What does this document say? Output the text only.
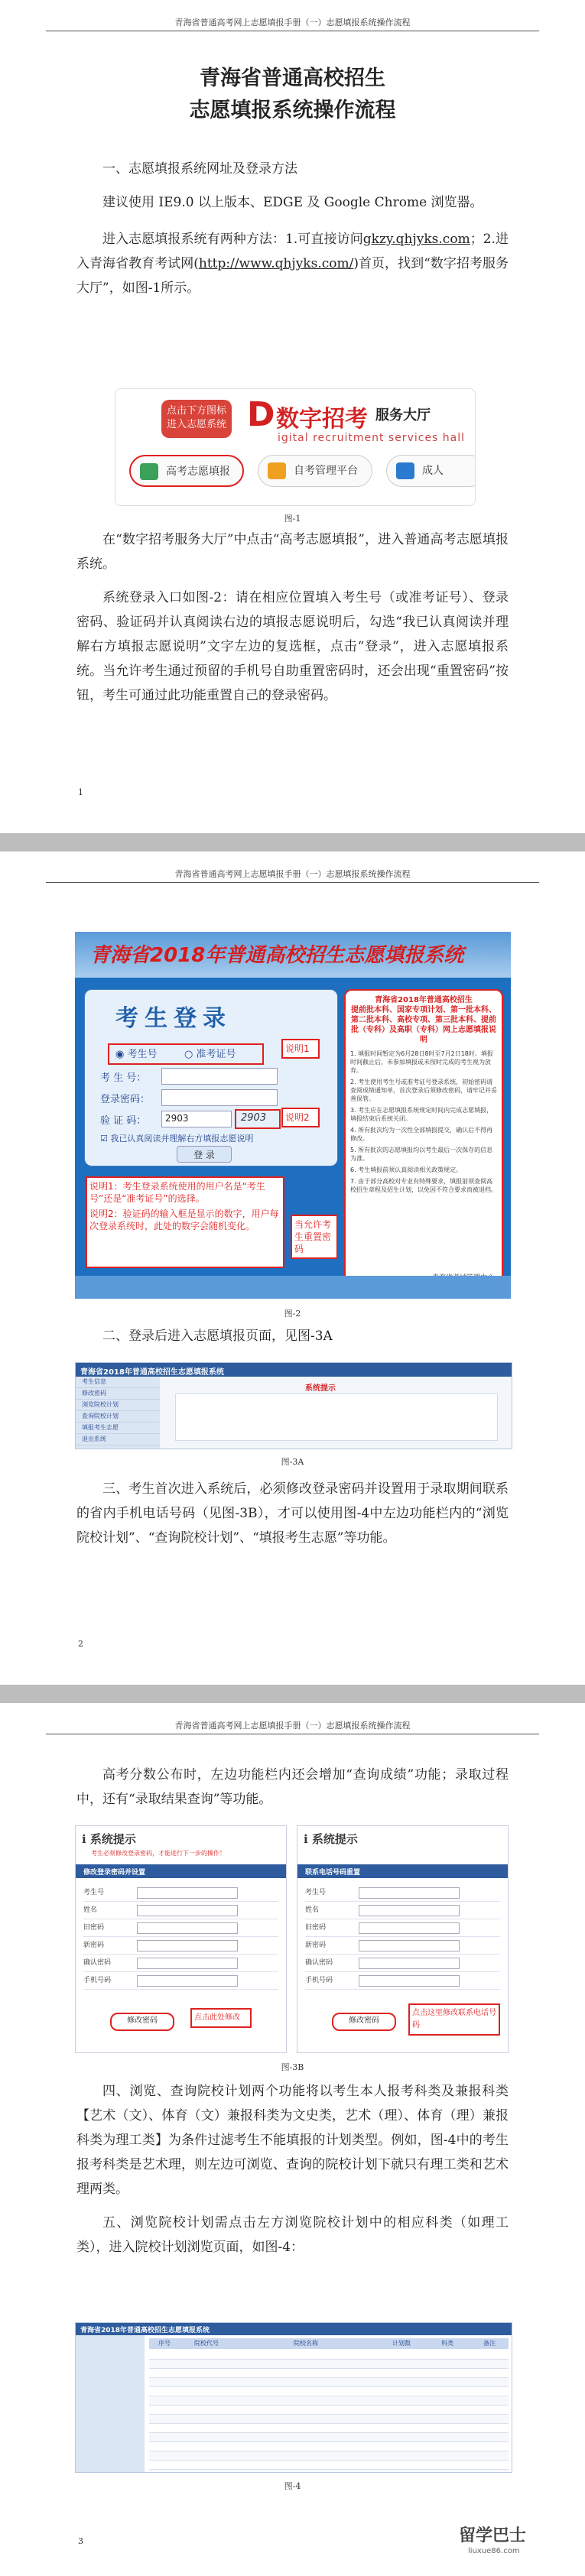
青海省普通高考网上志愿填报手册（一）志愿填报系统操作流程
青海省普通高校招生
志愿填报系统操作流程

一、志愿填报系统网址及登录方法

建议使用 IE9.0 以上版本、EDGE 及 Google Chrome 浏览器。

进入志愿填报系统有两种方法：1.可直接访问gkzy.qhjyks.com；2.进入青海省教育考试网(http://www.qhjyks.com/)首页，找到“数字招考服务大厅”，如图-1所示。

点击下方图标
进入志愿系统 D 数字招考 服务大厅
igital recruitment services hall
高考志愿填报	自考管理平台	成人
图-1

在“数字招考服务大厅”中点击“高考志愿填报”，进入普通高考志愿填报系统。

系统登录入口如图-2：请在相应位置填入考生号（或准考证号）、登录密码、验证码并认真阅读右边的填报志愿说明后，勾选“我已认真阅读并理解右方填报志愿说明”文字左边的复选框，点击“登录”，进入志愿填报系统。当允许考生通过预留的手机号自助重置密码时，还会出现“重置密码”按钮，考生可通过此功能重置自己的登录密码。

1
青海省普通高考网上志愿填报手册（一）志愿填报系统操作流程
青海省2018年普通高校招生志愿填报系统
考生登录
◉ 考生号	○ 准考证号
考 生 号：
登录密码：
验 证 码： 2903	2903
☑ 我已认真阅读并理解右方填报志愿说明
登 录
说明1
说明2
说明1：考生登录系统使用的用户名是“考生号”还是“准考证号”的选择。
说明2：验证码的输入框是显示的数字，用户每次登录系统时，此处的数字会随机变化。	当允许考生重置密码
青海省2018年普通高校招生
提前批本科、国家专项计划、第一批本科、第二批本科、高校专项、第三批本科、提前批（专科）及高职（专科）网上志愿填报说明
1. 填报时间暂定为6月28日8时至7月2日18时。填报时间截止后，未参加填报或未按时完成的考生视为放弃。
2. 考生使用考生号或准考证号登录系统，初始密码请查阅成绩通知单，首次登录后须修改密码，请牢记并妥善保管。
3. 考生应在志愿填报系统规定时间内完成志愿填报，填报结束后系统关闭。
4. 所有批次均为一次性全部填报提交，确认后不得再修改。
5. 所有批次的志愿填报均以考生最后一次保存的信息为准。
6. 考生填报前须认真阅读相关政策规定。
7. 由于部分高校对专业有特殊要求，填报前须查阅高校招生章程及招生计划，以免因不符合要求而被退档。
图-2

二、登录后进入志愿填报页面，见图-3A

青海省2018年普通高校招生志愿填报系统
考生信息
修改密码
浏览院校计划
查询院校计划
填报考生志愿
退出系统
系统提示
图-3A

三、考生首次进入系统后，必须修改登录密码并设置用于录取期间联系的省内手机电话号码（见图-3B），才可以使用图-4中左边功能栏内的“浏览院校计划”、“查询院校计划”、“填报考生志愿”等功能。

2
青海省普通高考网上志愿填报手册（一）志愿填报系统操作流程

高考分数公布时，左边功能栏内还会增加“查询成绩”功能；录取过程中，还有“录取结果查询”等功能。

ℹ 系统提示
考生必须修改登录密码，才能进行下一步的操作！
修改登录密码并设置
考生号
姓名
旧密码
新密码
确认密码
手机号码
修改密码	点击此处修改
ℹ 系统提示
联系电话号码重置
考生号
姓名
旧密码
新密码
确认密码
手机号码
修改密码
点击这里修改联系电话号码
图-3B

四、浏览、查询院校计划两个功能将以考生本人报考科类及兼报科类【艺术（文）、体育（文）兼报科类为文史类，艺术（理）、体育（理）兼报科类为理工类】为条件过滤考生不能填报的计划类型。例如，图-4中的考生报考科类是艺术理，则左边可浏览、查询的院校计划下就只有理工类和艺术理两类。

五、浏览院校计划需点击左方浏览院校计划中的相应科类（如理工类），进入院校计划浏览页面，如图-4：

青海省2018年普通高校招生志愿填报系统
序号	院校代号	院校名称	计划数	科类	备注
图-4
3	留学巴士
liuxue86.com
